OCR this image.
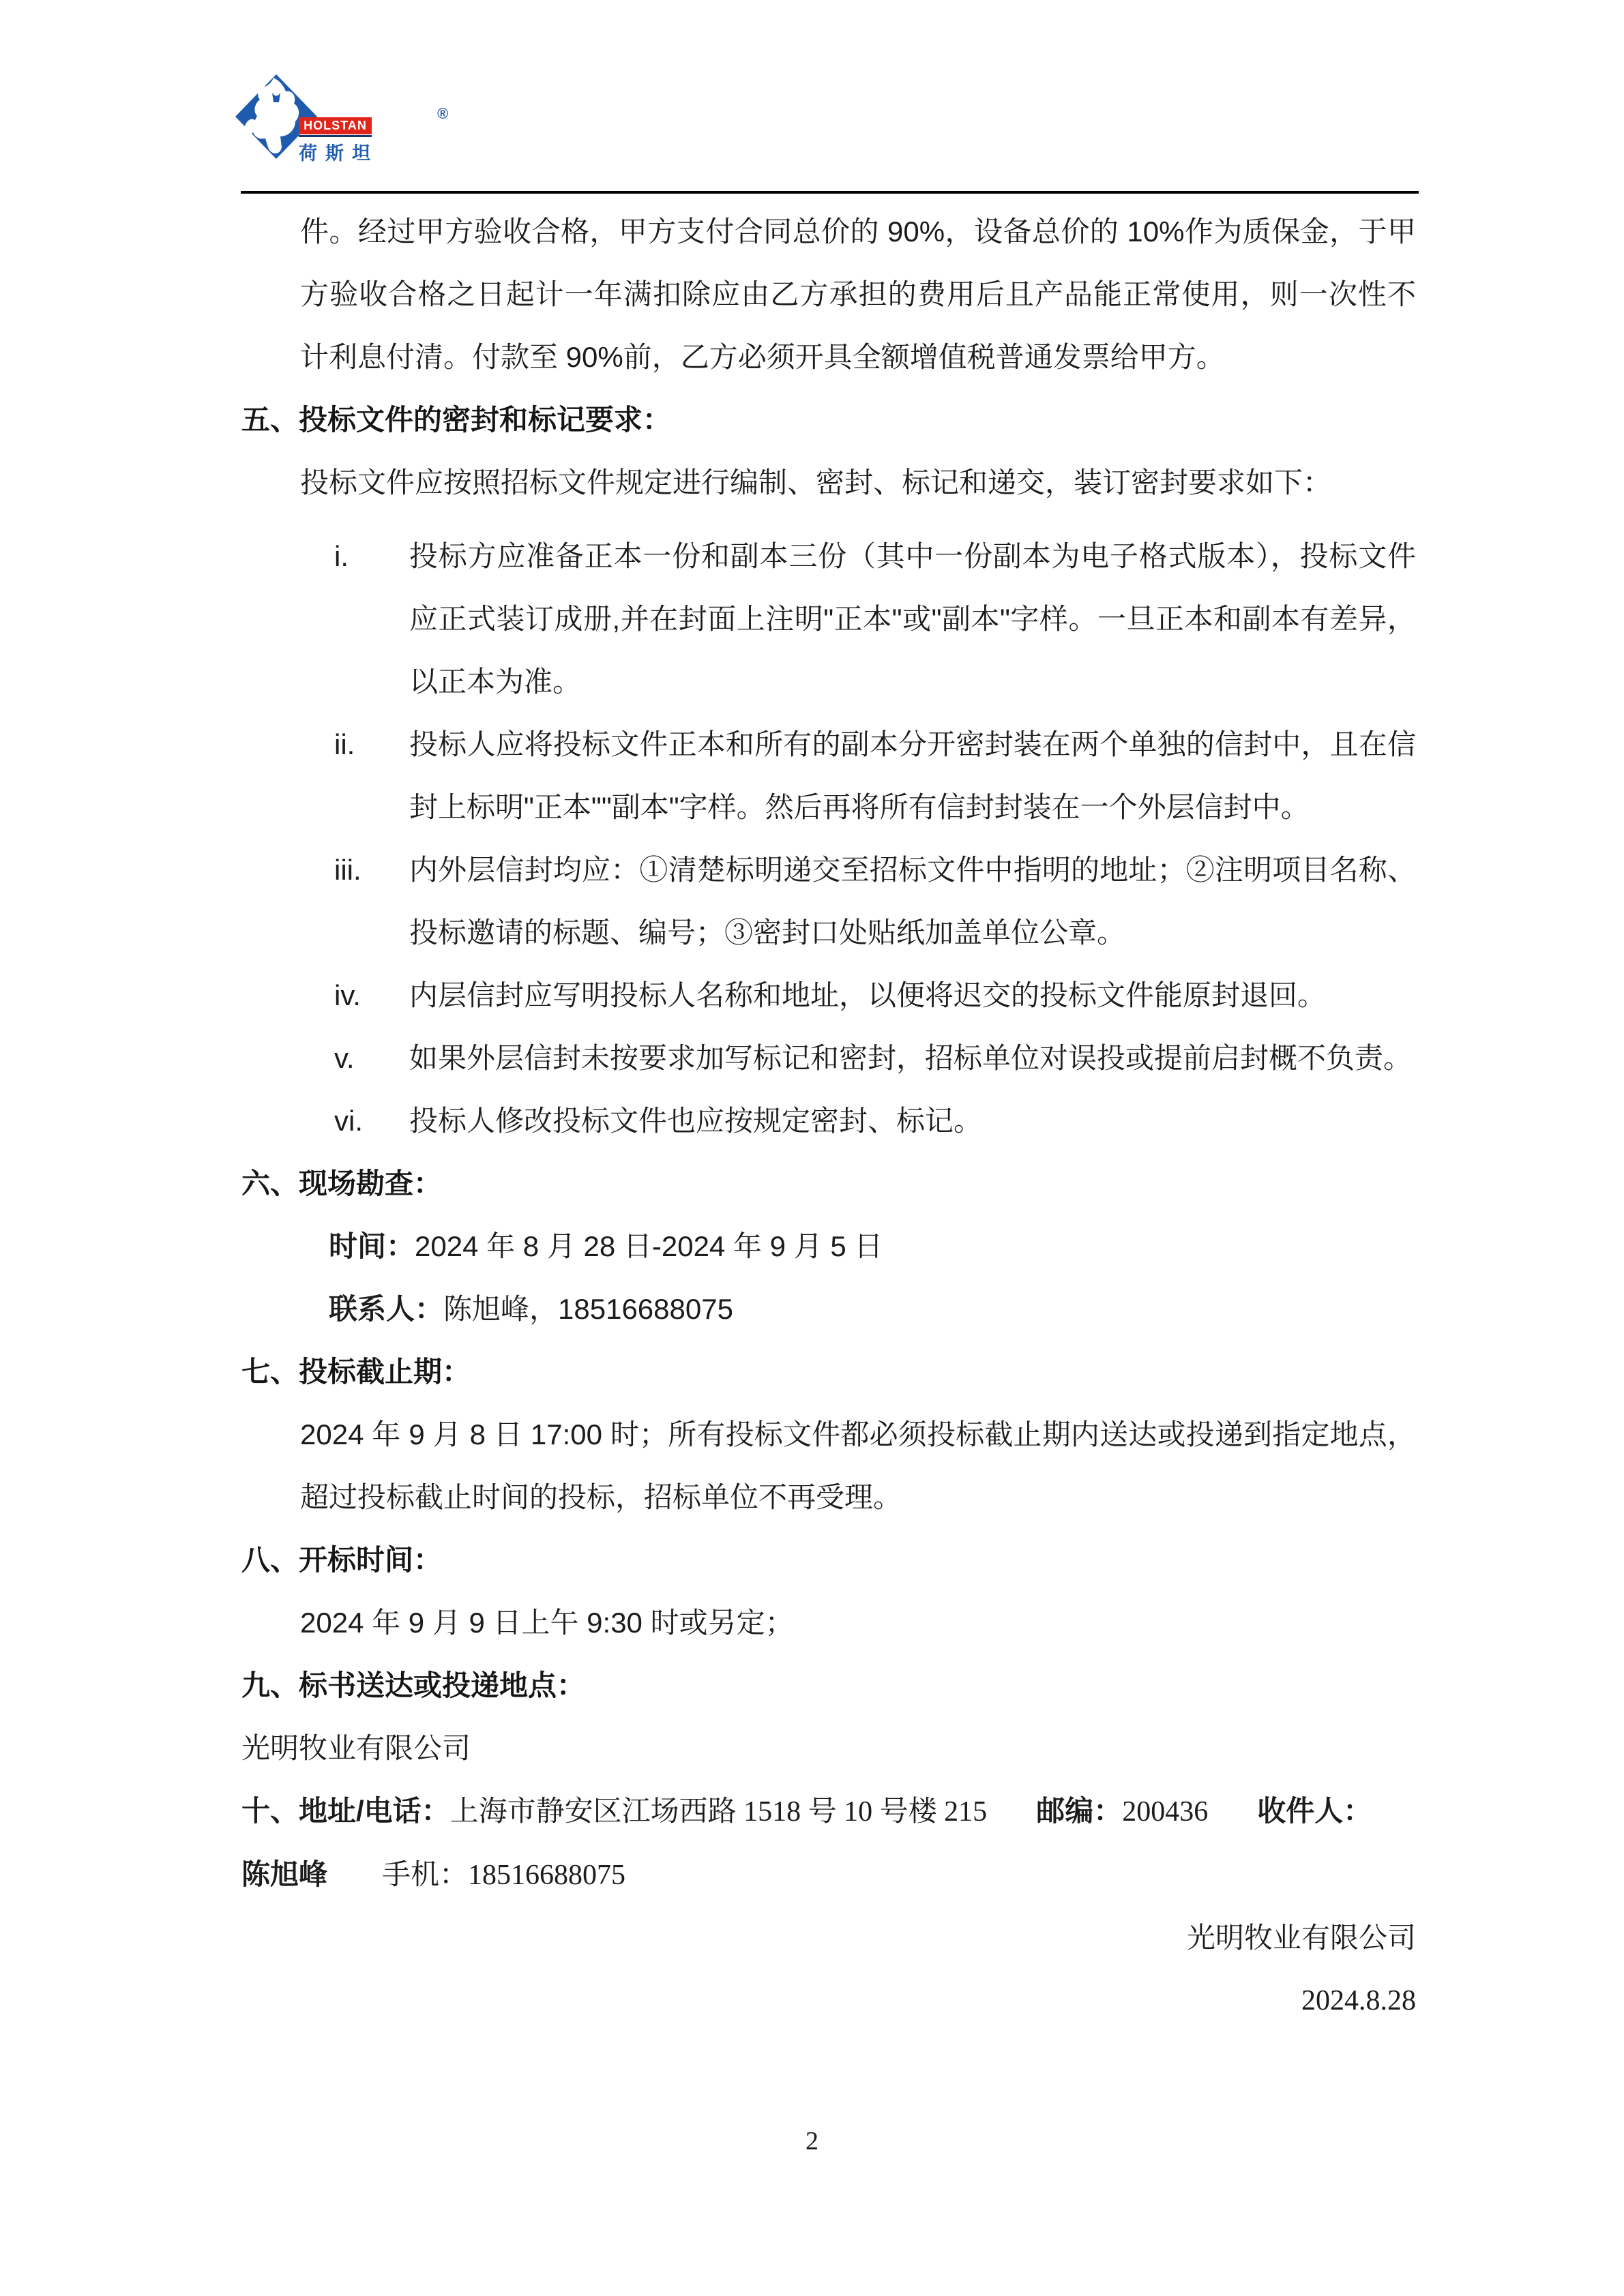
®
HOLSTAN
荷斯坦

件。经过甲方验收合格，甲方支付合同总价的 90%，设备总价的 10%作为质保金，于甲方验收合格之日起计一年满扣除应由乙方承担的费用后且产品能正常使用，则一次性不计利息付清。付款至 90%前，乙方必须开具全额增值税普通发票给甲方。

五、投标文件的密封和标记要求：

投标文件应按照招标文件规定进行编制、密封、标记和递交，装订密封要求如下：

i.	投标方应准备正本一份和副本三份（其中一份副本为电子格式版本），投标文件应正式装订成册,并在封面上注明"正本"或"副本"字样。一旦正本和副本有差异，以正本为准。
ii.	投标人应将投标文件正本和所有的副本分开密封装在两个单独的信封中，且在信封上标明"正本""副本"字样。然后再将所有信封封装在一个外层信封中。
iii.	内外层信封均应：①清楚标明递交至招标文件中指明的地址；②注明项目名称、投标邀请的标题、编号；③密封口处贴纸加盖单位公章。
iv.	内层信封应写明投标人名称和地址，以便将迟交的投标文件能原封退回。
v.	如果外层信封未按要求加写标记和密封，招标单位对误投或提前启封概不负责。
vi.	投标人修改投标文件也应按规定密封、标记。
六、现场勘查：

时间：2024 年 8 月 28 日-2024 年 9 月 5 日

联系人：陈旭峰，18516688075

七、投标截止期：

2024 年 9 月 8 日 17:00 时；所有投标文件都必须投标截止期内送达或投递到指定地点，超过投标截止时间的投标，招标单位不再受理。

八、开标时间：

2024 年 9 月 9 日上午 9:30 时或另定；

九、标书送达或投递地点：

光明牧业有限公司

十、地址/电话：上海市静安区江场西路 1518 号 10 号楼 215 邮编：200436 收件人：

陈旭峰 手机：18516688075

光明牧业有限公司

2024.8.28

2
